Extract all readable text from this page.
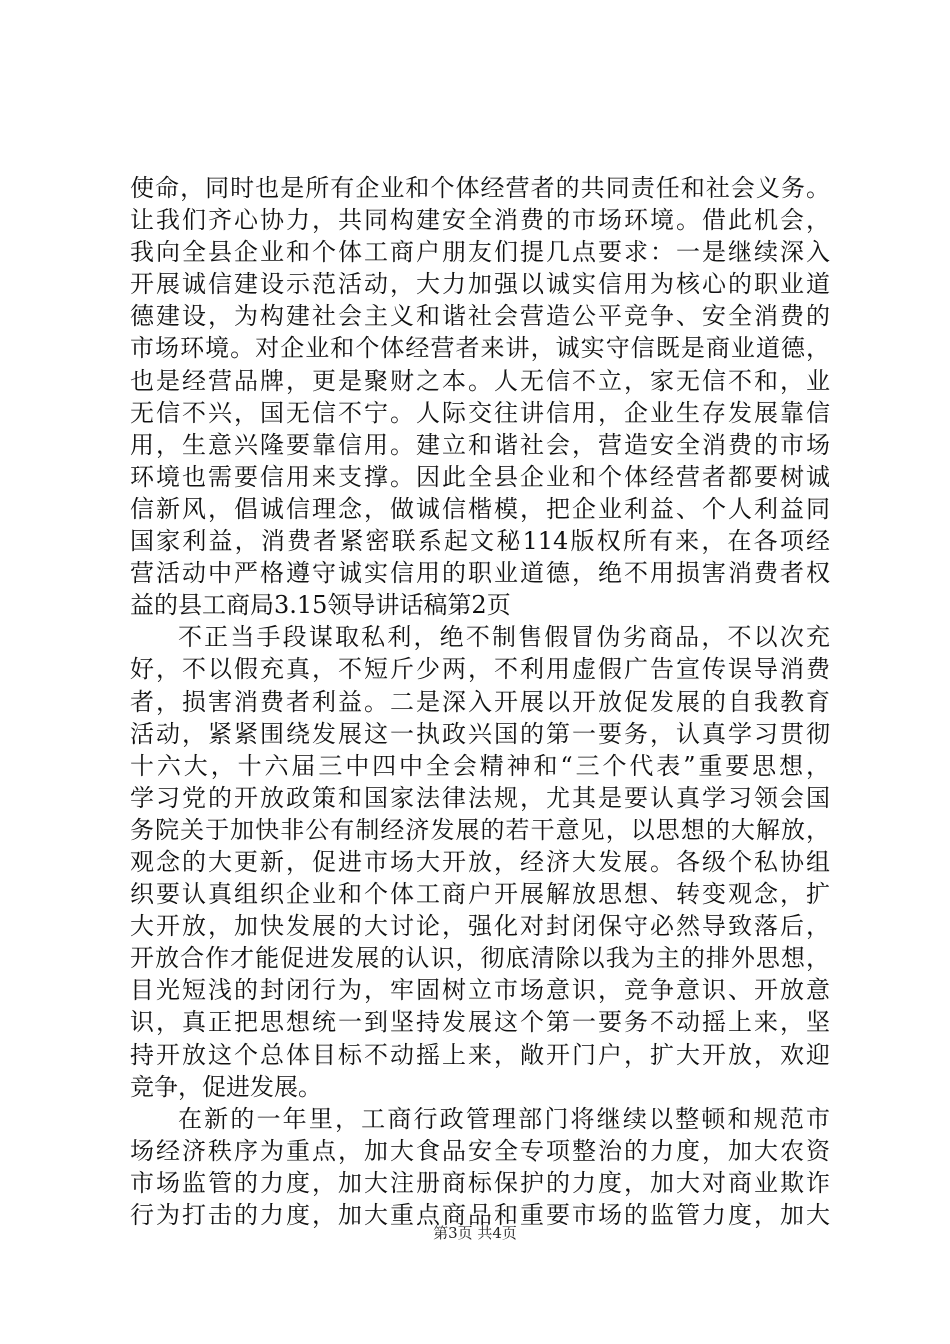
使命，同时也是所有企业和个体经营者的共同责任和社会义务。
让我们齐心协力，共同构建安全消费的市场环境。借此机会，
我向全县企业和个体工商户朋友们提几点要求：一是继续深入
开展诚信建设示范活动，大力加强以诚实信用为核心的职业道
德建设，为构建社会主义和谐社会营造公平竞争、安全消费的
市场环境。对企业和个体经营者来讲，诚实守信既是商业道德，
也是经营品牌，更是聚财之本。人无信不立，家无信不和，业
无信不兴，国无信不宁。人际交往讲信用，企业生存发展靠信
用，生意兴隆要靠信用。建立和谐社会，营造安全消费的市场
环境也需要信用来支撑。因此全县企业和个体经营者都要树诚
信新风，倡诚信理念，做诚信楷模，把企业利益、个人利益同
国家利益，消费者紧密联系起文秘114版权所有来，在各项经
营活动中严格遵守诚实信用的职业道德，绝不用损害消费者权
益的县工商局3.15领导讲话稿第2页
不正当手段谋取私利，绝不制售假冒伪劣商品，不以次充
好，不以假充真，不短斤少两，不利用虚假广告宣传误导消费
者，损害消费者利益。二是深入开展以开放促发展的自我教育
活动，紧紧围绕发展这一执政兴国的第一要务，认真学习贯彻
十六大，十六届三中四中全会精神和“三个代表”重要思想，
学习党的开放政策和国家法律法规，尤其是要认真学习领会国
务院关于加快非公有制经济发展的若干意见，以思想的大解放，
观念的大更新，促进市场大开放，经济大发展。各级个私协组
织要认真组织企业和个体工商户开展解放思想、转变观念，扩
大开放，加快发展的大讨论，强化对封闭保守必然导致落后，
开放合作才能促进发展的认识，彻底清除以我为主的排外思想，
目光短浅的封闭行为，牢固树立市场意识，竞争意识、开放意
识，真正把思想统一到坚持发展这个第一要务不动摇上来，坚
持开放这个总体目标不动摇上来，敞开门户，扩大开放，欢迎
竞争，促进发展。
在新的一年里，工商行政管理部门将继续以整顿和规范市
场经济秩序为重点，加大食品安全专项整治的力度，加大农资
市场监管的力度，加大注册商标保护的力度，加大对商业欺诈
行为打击的力度，加大重点商品和重要市场的监管力度，加大
第3页 共4页
